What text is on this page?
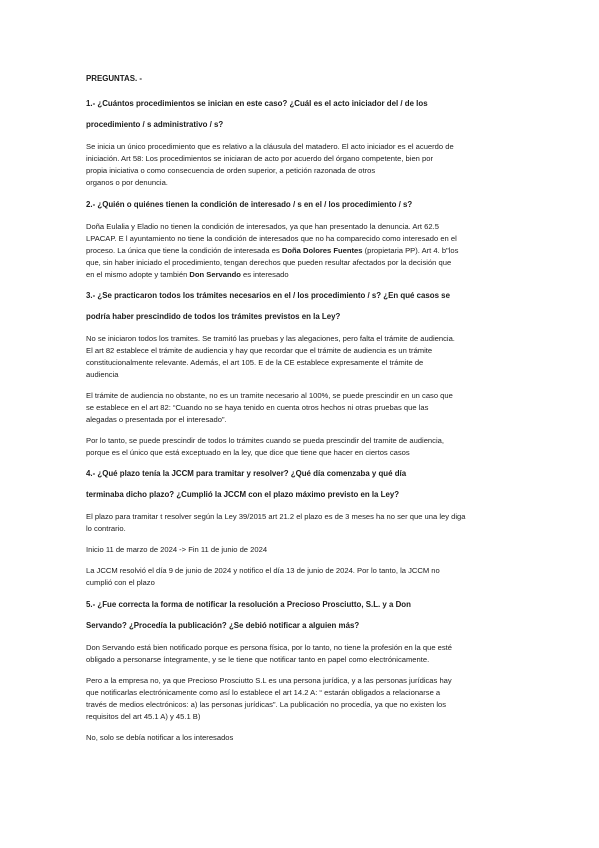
PREGUNTAS. -

1.- ¿Cuántos procedimientos se inician en este caso? ¿Cuál es el acto iniciador del / de los

procedimiento / s administrativo / s?

Se inicia un único procedimiento que es relativo a la cláusula del matadero. El acto iniciador es el acuerdo de

iniciación. Art 58: Los procedimientos se iniciaran de acto por acuerdo del órgano competente, bien por

propia iniciativa o como consecuencia de orden superior, a petición razonada de otros

organos o por denuncia.

2.- ¿Quién o quiénes tienen la condición de interesado / s en el / los procedimiento / s?

Doña Eulalia y Eladio no tienen la condición de interesados, ya que han presentado la denuncia. Art 62.5

LPACAP. E l ayuntamiento no tiene la condición de interesados que no ha comparecido como interesado en el

proceso. La única que tiene la condición de interesada es Doña Dolores Fuentes (propietaria PP). Art 4. b"los

que, sin haber iniciado el procedimiento, tengan derechos que pueden resultar afectados por la decisión que

en el mismo adopte y también Don Servando es interesado

3.- ¿Se practicaron todos los trámites necesarios en el / los procedimiento / s? ¿En qué casos se

podría haber prescindido de todos los trámites previstos en la Ley?

No se iniciaron todos los tramites. Se tramitó las pruebas y las alegaciones, pero falta el trámite de audiencia.

El art 82 establece el trámite de audiencia y hay que recordar que el trámite de audiencia es un trámite

constitucionalmente relevante. Además, el art 105. E de la CE establece expresamente el trámite de

audiencia

El trámite de audiencia no obstante, no es un tramite necesario al 100%, se puede prescindir en un caso que

se establece en el art 82: “Cuando no se haya tenido en cuenta otros hechos ni otras pruebas que las

alegadas o presentada por el interesado”.

Por lo tanto, se puede prescindir de todos lo trámites cuando se pueda prescindir del tramite de audiencia,

porque es el único que está exceptuado en la ley, que dice que tiene que hacer en ciertos casos

4.- ¿Qué plazo tenía la JCCM para tramitar y resolver? ¿Qué día comenzaba y qué día

terminaba dicho plazo? ¿Cumplió la JCCM con el plazo máximo previsto en la Ley?

El plazo para tramitar t resolver según la Ley 39/2015 art 21.2 el plazo es de 3 meses ha no ser que una ley diga

lo contrario.

Inicio 11 de marzo de 2024 -> Fin 11 de junio de 2024

La JCCM resolvió el día 9 de junio de 2024 y notifico el día 13 de junio de 2024. Por lo tanto, la JCCM no

cumplió con el plazo

5.- ¿Fue correcta la forma de notificar la resolución a Precioso Prosciutto, S.L. y a Don

Servando? ¿Procedía la publicación? ¿Se debió notificar a alguien más?

Don Servando está bien notificado porque es persona física, por lo tanto, no tiene la profesión en la que esté

obligado a personarse íntegramente, y se le tiene que notificar tanto en papel como electrónicamente.

Pero a la empresa no, ya que Precioso Prosciutto S.L es una persona jurídica, y a las personas jurídicas hay

que notificarlas electrónicamente como así lo establece el art 14.2 A: “ estarán obligados a relacionarse a

través de medios electrónicos: a) las personas jurídicas”. La publicación no procedía, ya que no existen los

requisitos del art 45.1 A) y 45.1 B)

No, solo se debía notificar a los interesados
